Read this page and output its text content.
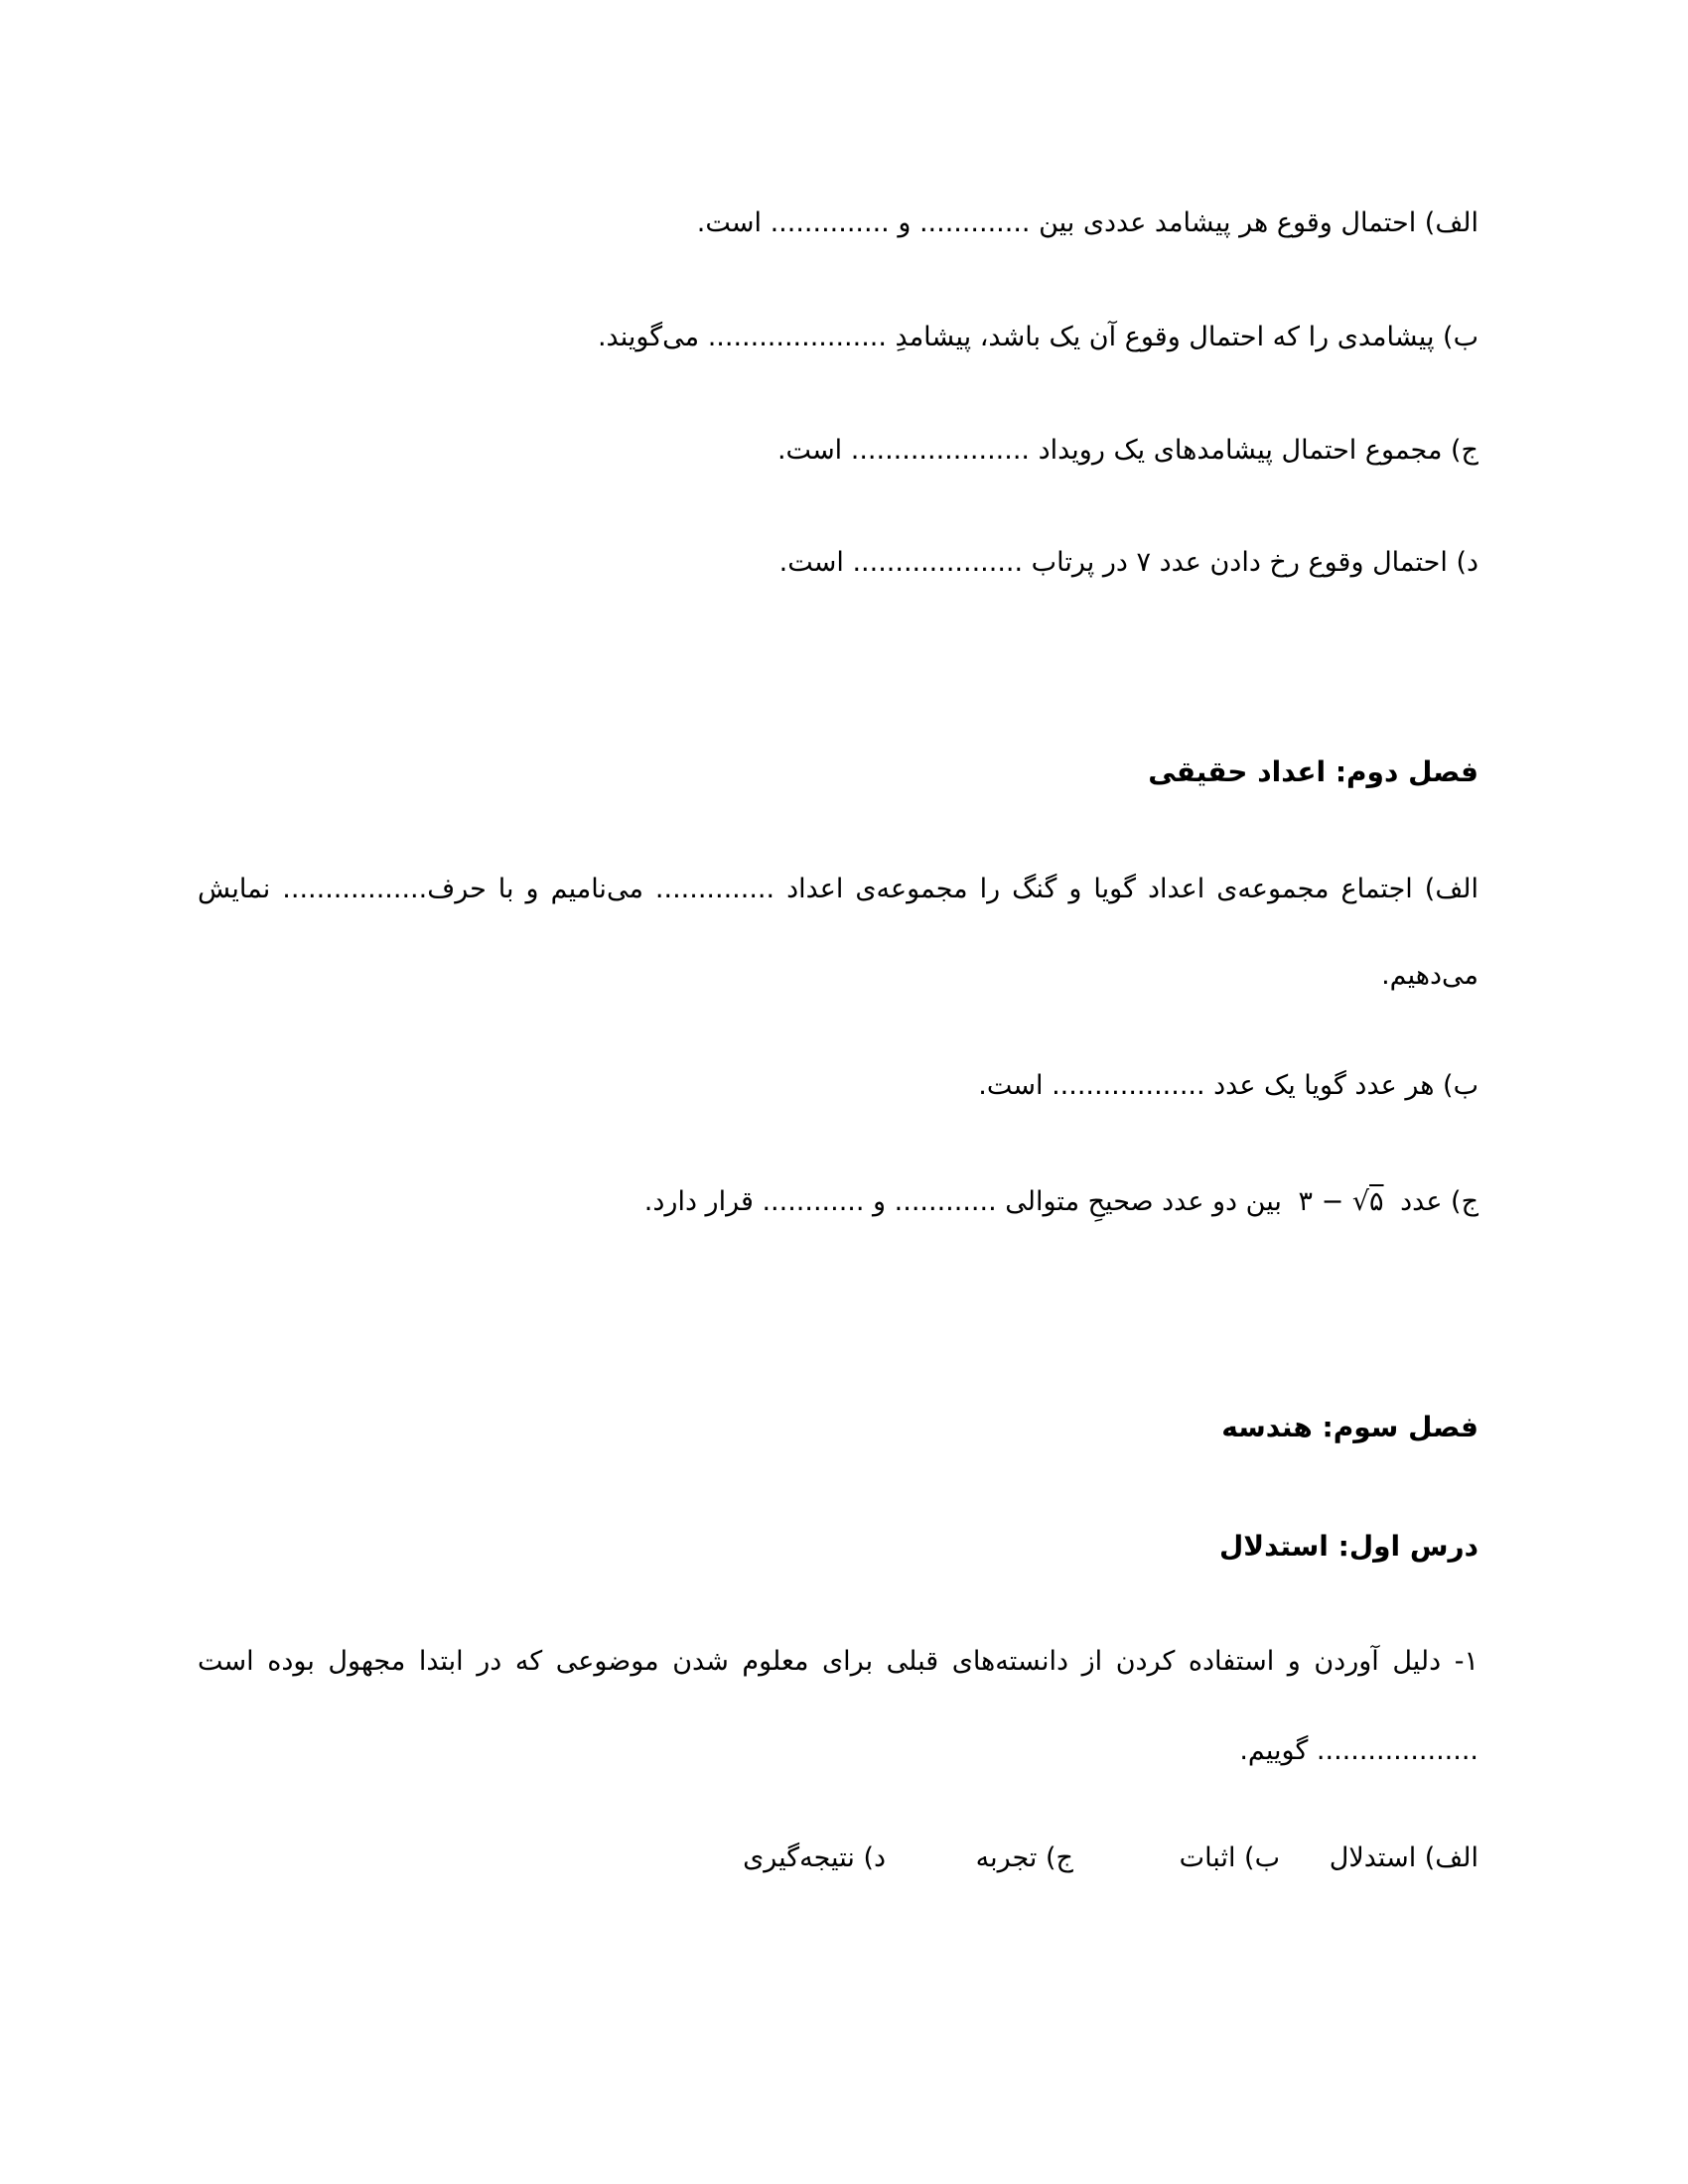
الف) احتمال وقوع هر پیشامد عددی بین ............. و .............. است.
ب) پیشامدی را که احتمال وقوع آن یک باشد، پیشامدِ ..................... می‌گویند.
ج) مجموع احتمال پیشامدهای یک رویداد ..................... است.
د) احتمال وقوع رخ دادن عدد ۷ در پرتاب .................... است.
فصل دوم: اعداد حقیقی
الف) اجتماع مجموعه‌ی اعداد گویا و گنگ را مجموعه‌ی اعداد .............. می‌نامیم و با حرف................. نمایش
می‌دهیم.
ب) هر عدد گویا یک عدد .................. است.
ج) عدد ۳ − √۵ بین دو عدد صحیحِ متوالی ............ و ............ قرار دارد.
فصل سوم: هندسه
درس اول: استدلال
۱- دلیل آوردن و استفاده کردن از دانسته‌های قبلی برای معلوم شدن موضوعی که در ابتدا مجهول بوده است
................... گوییم.
الف) استدلال
ب) اثبات
ج) تجربه
د) نتیجه‌گیری
